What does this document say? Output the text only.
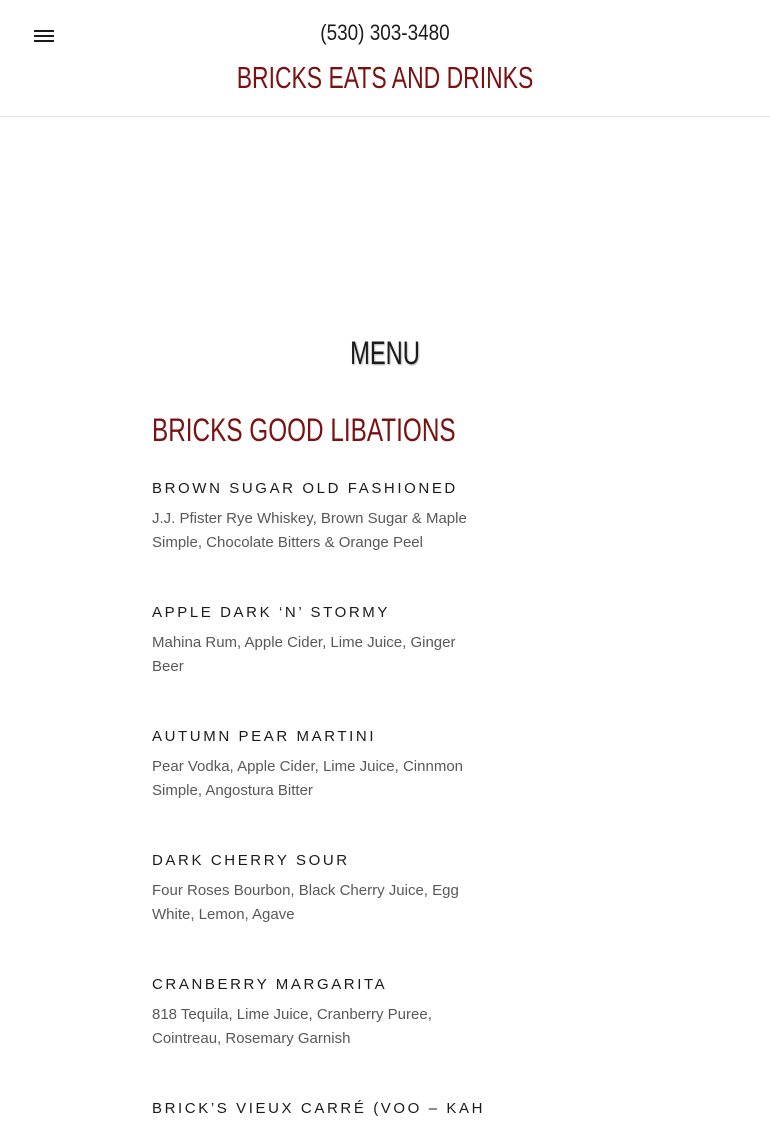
(530) 303-3480
BRICKS EATS AND DRINKS
MENU
BRICKS GOOD LIBATIONS
BROWN SUGAR OLD FASHIONED
J.J. Pfister Rye Whiskey, Brown Sugar & Maple Simple, Chocolate Bitters & Orange Peel
APPLE DARK ‘N’ STORMY
Mahina Rum, Apple Cider, Lime Juice, Ginger Beer
AUTUMN PEAR MARTINI
Pear Vodka, Apple Cider, Lime Juice, Cinnmon Simple, Angostura Bitter
DARK CHERRY SOUR
Four Roses Bourbon, Black Cherry Juice, Egg White, Lemon, Agave
CRANBERRY MARGARITA
818 Tequila, Lime Juice, Cranberry Puree, Cointreau, Rosemary Garnish
BRICK’S VIEUX CARRÉ (VOO – KAH
